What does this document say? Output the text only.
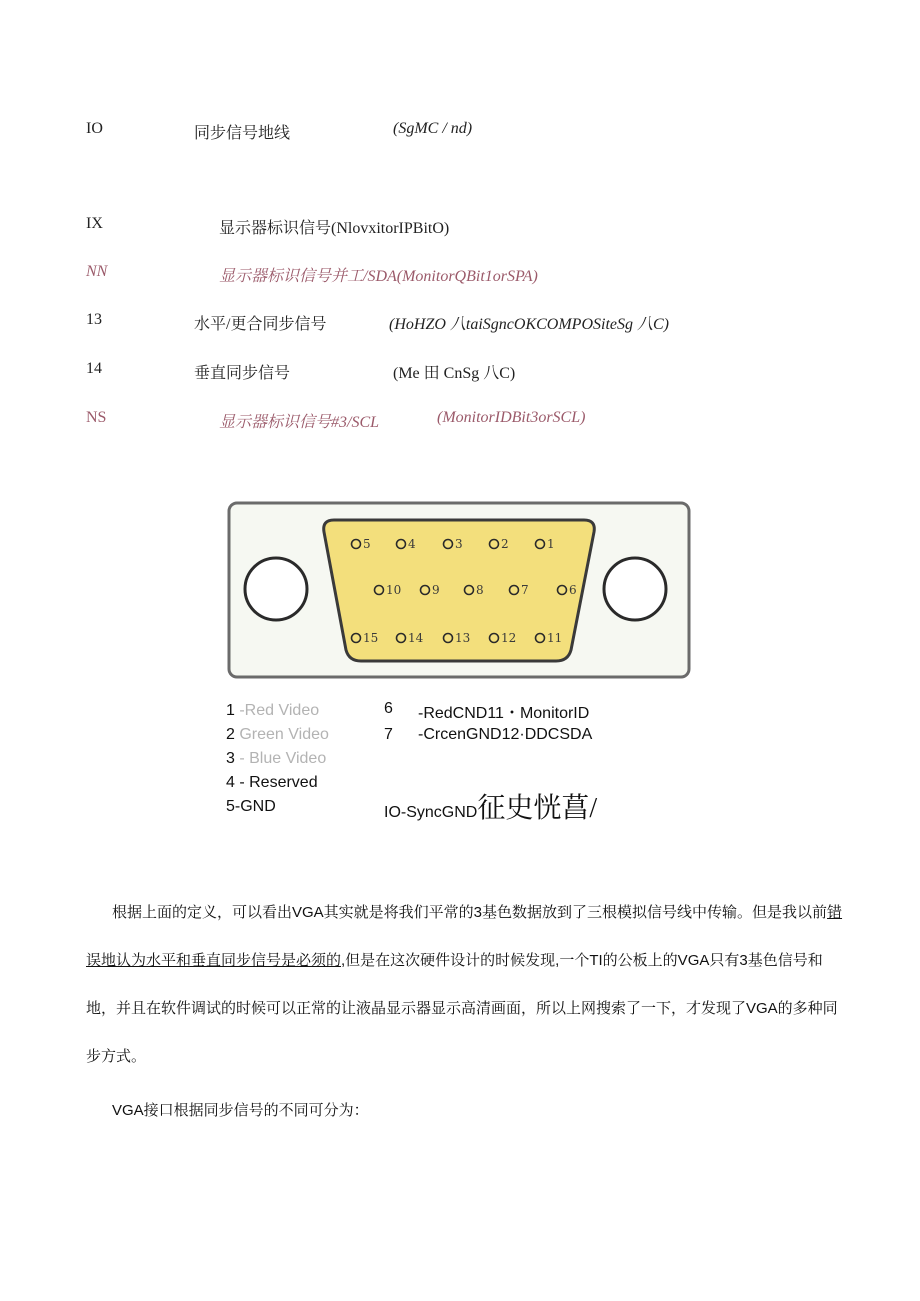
IO	同步信号地线	(SgMC / nd)
IX	显示器标识信号(NlovxitorIPBitO)
NN	显示器标识信号并工/SDA(MonitorQBit1orSPA)
13	水平/更合同步信号	(HoHZO 八taiSgncOKCOMPOSiteSg 八C)
14	垂直同步信号	(Me 田 CnSg 八C)
NS	显示器标识信号#3/SCL	(MonitorIDBit3orSCL)
5	4	3	2	1
10	9	8	7	6
15 14	13	12	11
1 -Red Video
2 Green Video
3 - Blue Video
4 - Reserved
5-GND
6 -RedCND11・MonitorID
7 -CrcenGND12·DDCSDA
IO-SyncGND征史恍菖/

根据上面的定义，可以看出VGA其实就是将我们平常的3基色数据放到了三根模拟信号线中传输。但是我以前错误地认为水平和垂直同步信号是必须的,但是在这次硬件设计的时候发现,一个TI的公板上的VGA只有3基色信号和地，并且在软件调试的时候可以正常的让液晶显示器显示高清画面，所以上网搜索了一下，才发现了VGA的多种同步方式。

VGA接口根据同步信号的不同可分为：
